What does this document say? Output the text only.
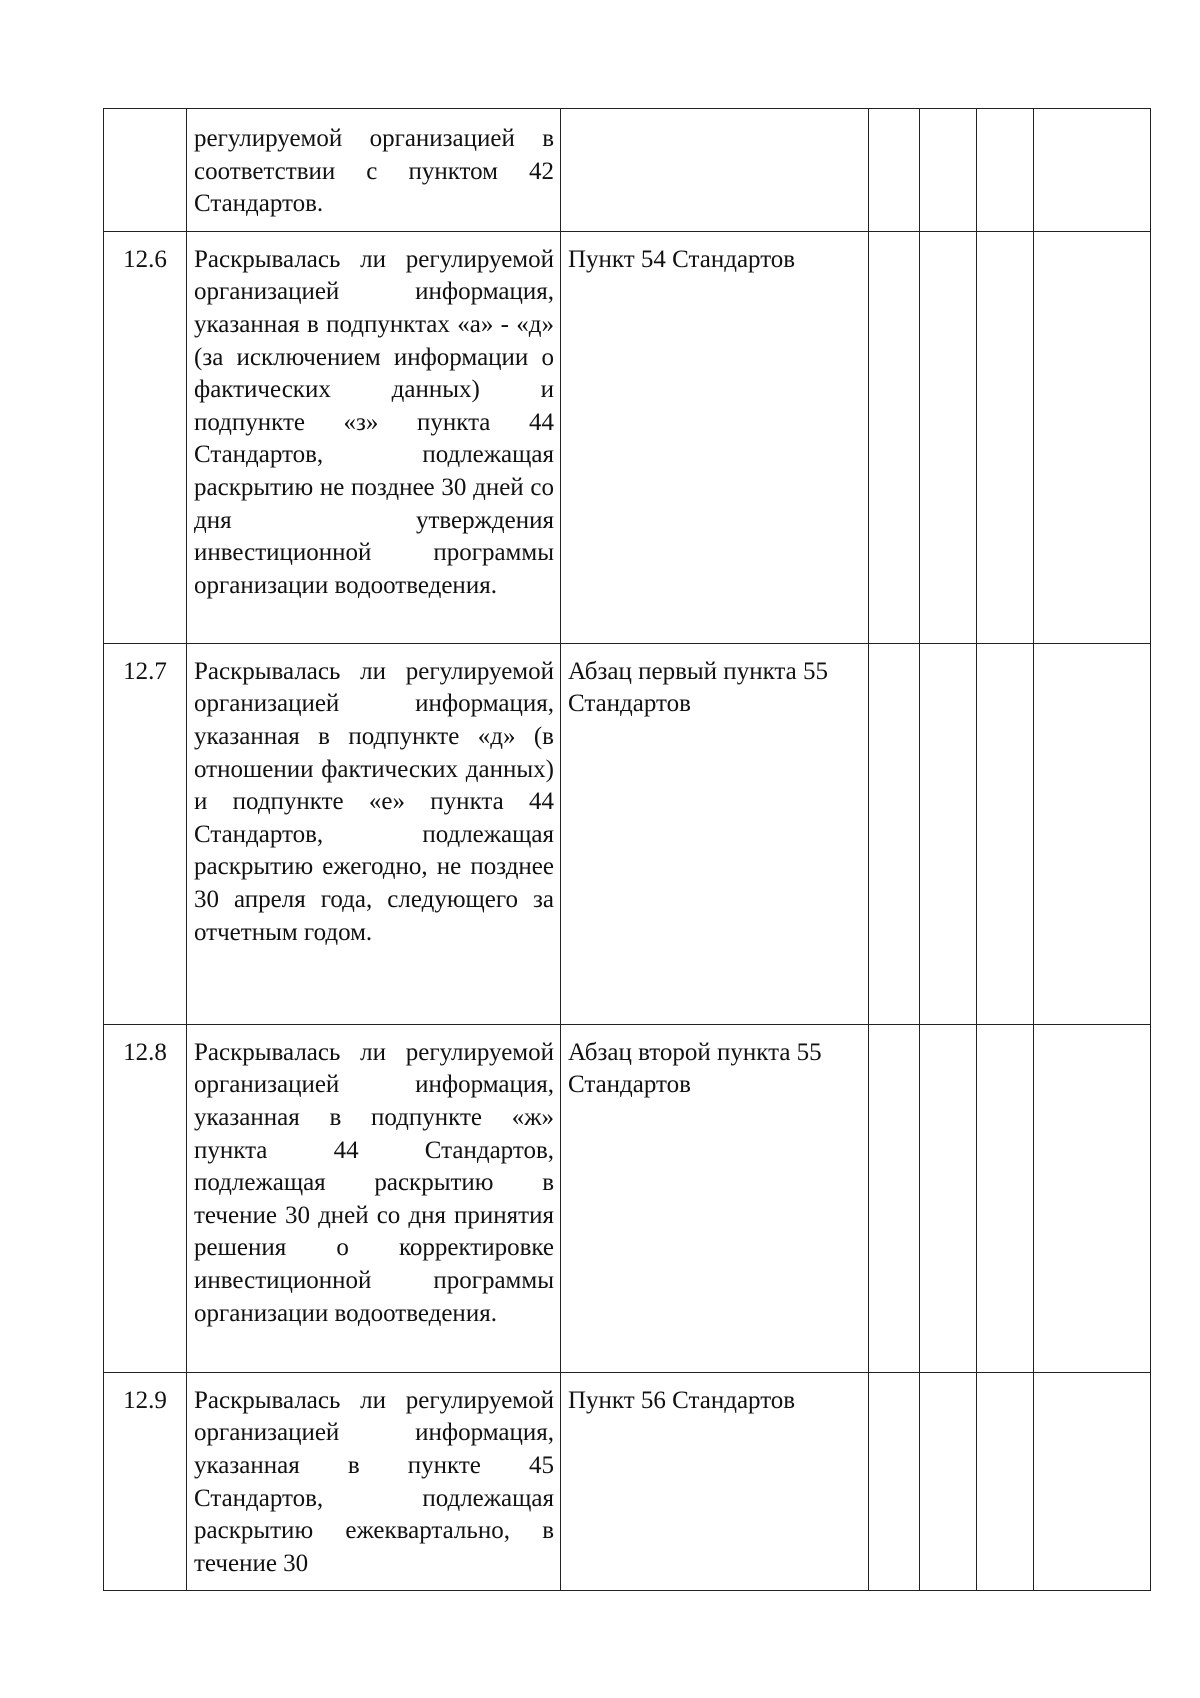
	регулируемой организацией в соответствии с пунктом 42 Стандартов.					
12.6	Раскрывалась ли регулируемой организацией информация, указанная в подпунктах «а» - «д» (за исключением информации о фактических данных) и подпункте «з» пункта 44 Стандартов, подлежащая раскрытию не позднее 30 дней со дня утверждения инвестиционной программы организации водоотведения.	Пункт 54 Стандартов				
12.7	Раскрывалась ли регулируемой организацией информация, указанная в подпункте «д» (в отношении фактических данных) и подпункте «е» пункта 44 Стандартов, подлежащая раскрытию ежегодно, не позднее 30 апреля года, следующего за отчетным годом.	Абзац первый пункта 55 Стандартов				
12.8	Раскрывалась ли регулируемой организацией информация, указанная в подпункте «ж» пункта 44 Стандартов, подлежащая раскрытию в течение 30 дней со дня принятия решения о корректировке инвестиционной программы организации водоотведения.	Абзац второй пункта 55 Стандартов				
12.9	Раскрывалась ли регулируемой организацией информация, указанная в пункте 45 Стандартов, подлежащая раскрытию ежеквартально, в течение 30	Пункт 56 Стандартов				
